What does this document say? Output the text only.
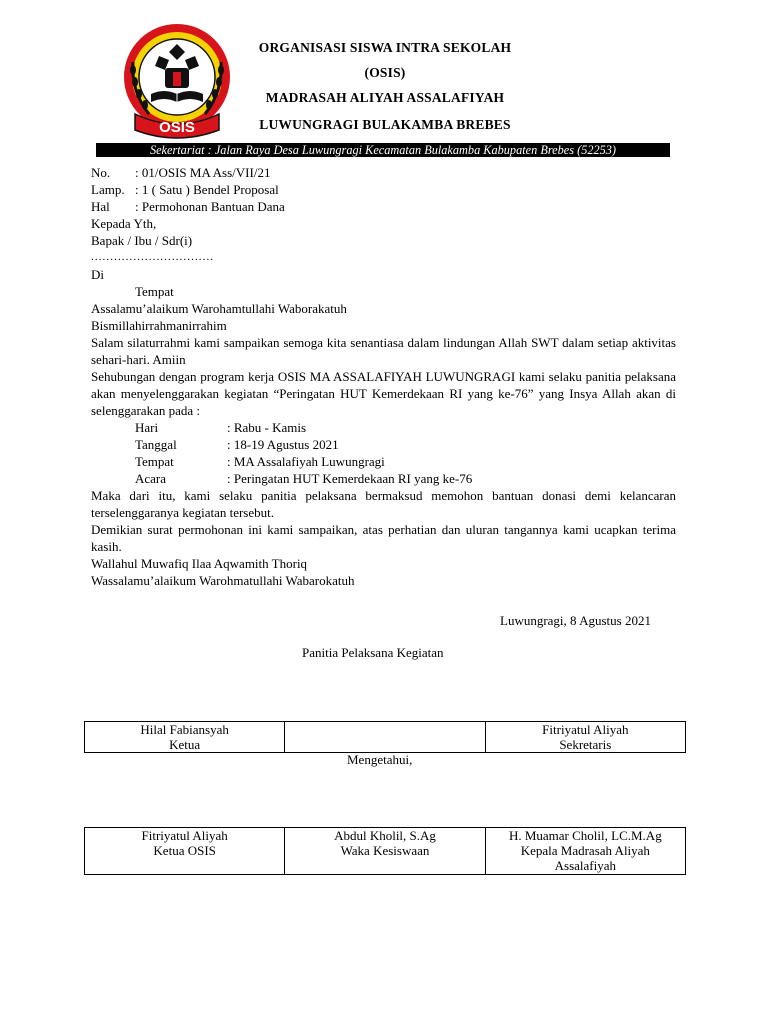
OSIS
ORGANISASI SISWA INTRA SEKOLAH
(OSIS)
MADRASAH ALIYAH ASSALAFIYAH
LUWUNGRAGI BULAKAMBA BREBES
Sekertariat : Jalan Raya Desa Luwungragi Kecamatan Bulakamba Kabupaten Brebes (52253)
No. : 01/OSIS MA Ass/VII/21
Lamp. : 1 ( Satu ) Bendel Proposal
Hal : Permohonan Bantuan Dana
Kepada Yth,
Bapak / Ibu / Sdr(i)
................................
Di
Tempat
Assalamu’alaikum Warohamtullahi Waborakatuh
Bismillahirrahmanirrahim
Salam silaturrahmi kami sampaikan semoga kita senantiasa dalam lindungan Allah SWT dalam setiap aktivitas sehari-hari. Amiin
Sehubungan dengan program kerja OSIS MA ASSALAFIYAH LUWUNGRAGI kami selaku panitia pelaksana akan menyelenggarakan kegiatan “Peringatan HUT Kemerdekaan RI yang ke-76” yang Insya Allah akan di selenggarakan pada :
Hari	: Rabu - Kamis
Tanggal	: 18-19 Agustus 2021
Tempat	: MA Assalafiyah Luwungragi
Acara	: Peringatan HUT Kemerdekaan RI yang ke-76
Maka dari itu, kami selaku panitia pelaksana bermaksud memohon bantuan donasi demi kelancaran terselenggaranya kegiatan tersebut.
Demikian surat permohonan ini kami sampaikan, atas perhatian dan uluran tangannya kami ucapkan terima kasih.
Wallahul Muwafiq Ilaa Aqwamith Thoriq
Wassalamu’alaikum Warohmatullahi Wabarokatuh
Luwungragi, 8 Agustus 2021
Panitia Pelaksana Kegiatan
Hilal Fabiansyah
Ketua

Fitriyatul Aliyah
Sekretaris
Mengetahui,
Fitriyatul Aliyah
Ketua OSIS

Abdul Kholil, S.Ag
Waka Kesiswaan

H. Muamar Cholil, LC.M.Ag
Kepala Madrasah Aliyah Assalafiyah
